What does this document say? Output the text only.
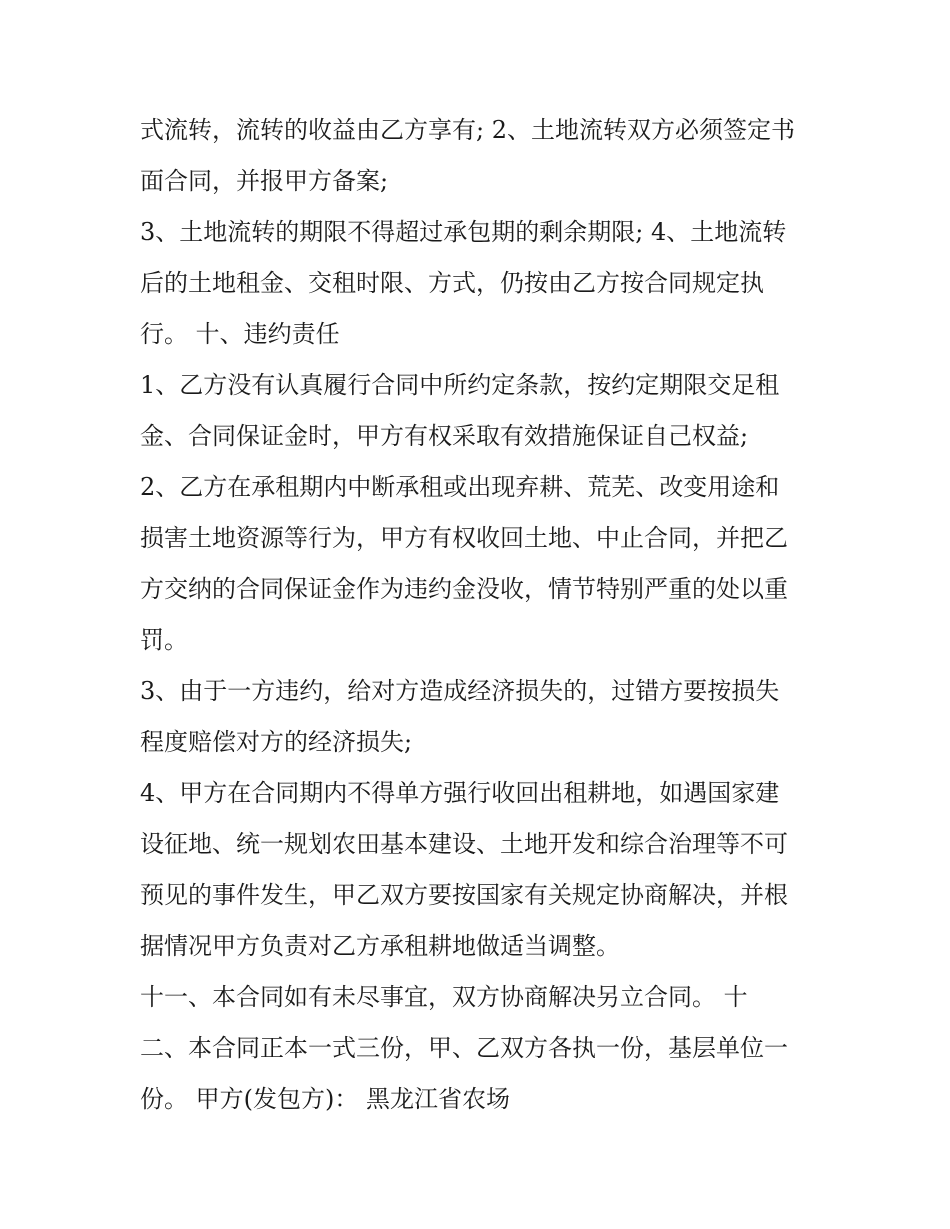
式流转，流转的收益由乙方享有; 2、土地流转双方必须签定书
面合同，并报甲方备案;
3、土地流转的期限不得超过承包期的剩余期限; 4、土地流转
后的土地租金、交租时限、方式，仍按由乙方按合同规定执
行。 十、违约责任
1、乙方没有认真履行合同中所约定条款，按约定期限交足租
金、合同保证金时，甲方有权采取有效措施保证自己权益;
2、乙方在承租期内中断承租或出现弃耕、荒芜、改变用途和
损害土地资源等行为，甲方有权收回土地、中止合同，并把乙
方交纳的合同保证金作为违约金没收，情节特别严重的处以重
罚。
3、由于一方违约，给对方造成经济损失的，过错方要按损失
程度赔偿对方的经济损失;
4、甲方在合同期内不得单方强行收回出租耕地，如遇国家建
设征地、统一规划农田基本建设、土地开发和综合治理等不可
预见的事件发生，甲乙双方要按国家有关规定协商解决，并根
据情况甲方负责对乙方承租耕地做适当调整。
十一、本合同如有未尽事宜，双方协商解决另立合同。 十
二、本合同正本一式三份，甲、乙双方各执一份，基层单位一
份。 甲方(发包方)： 黑龙江省农场
